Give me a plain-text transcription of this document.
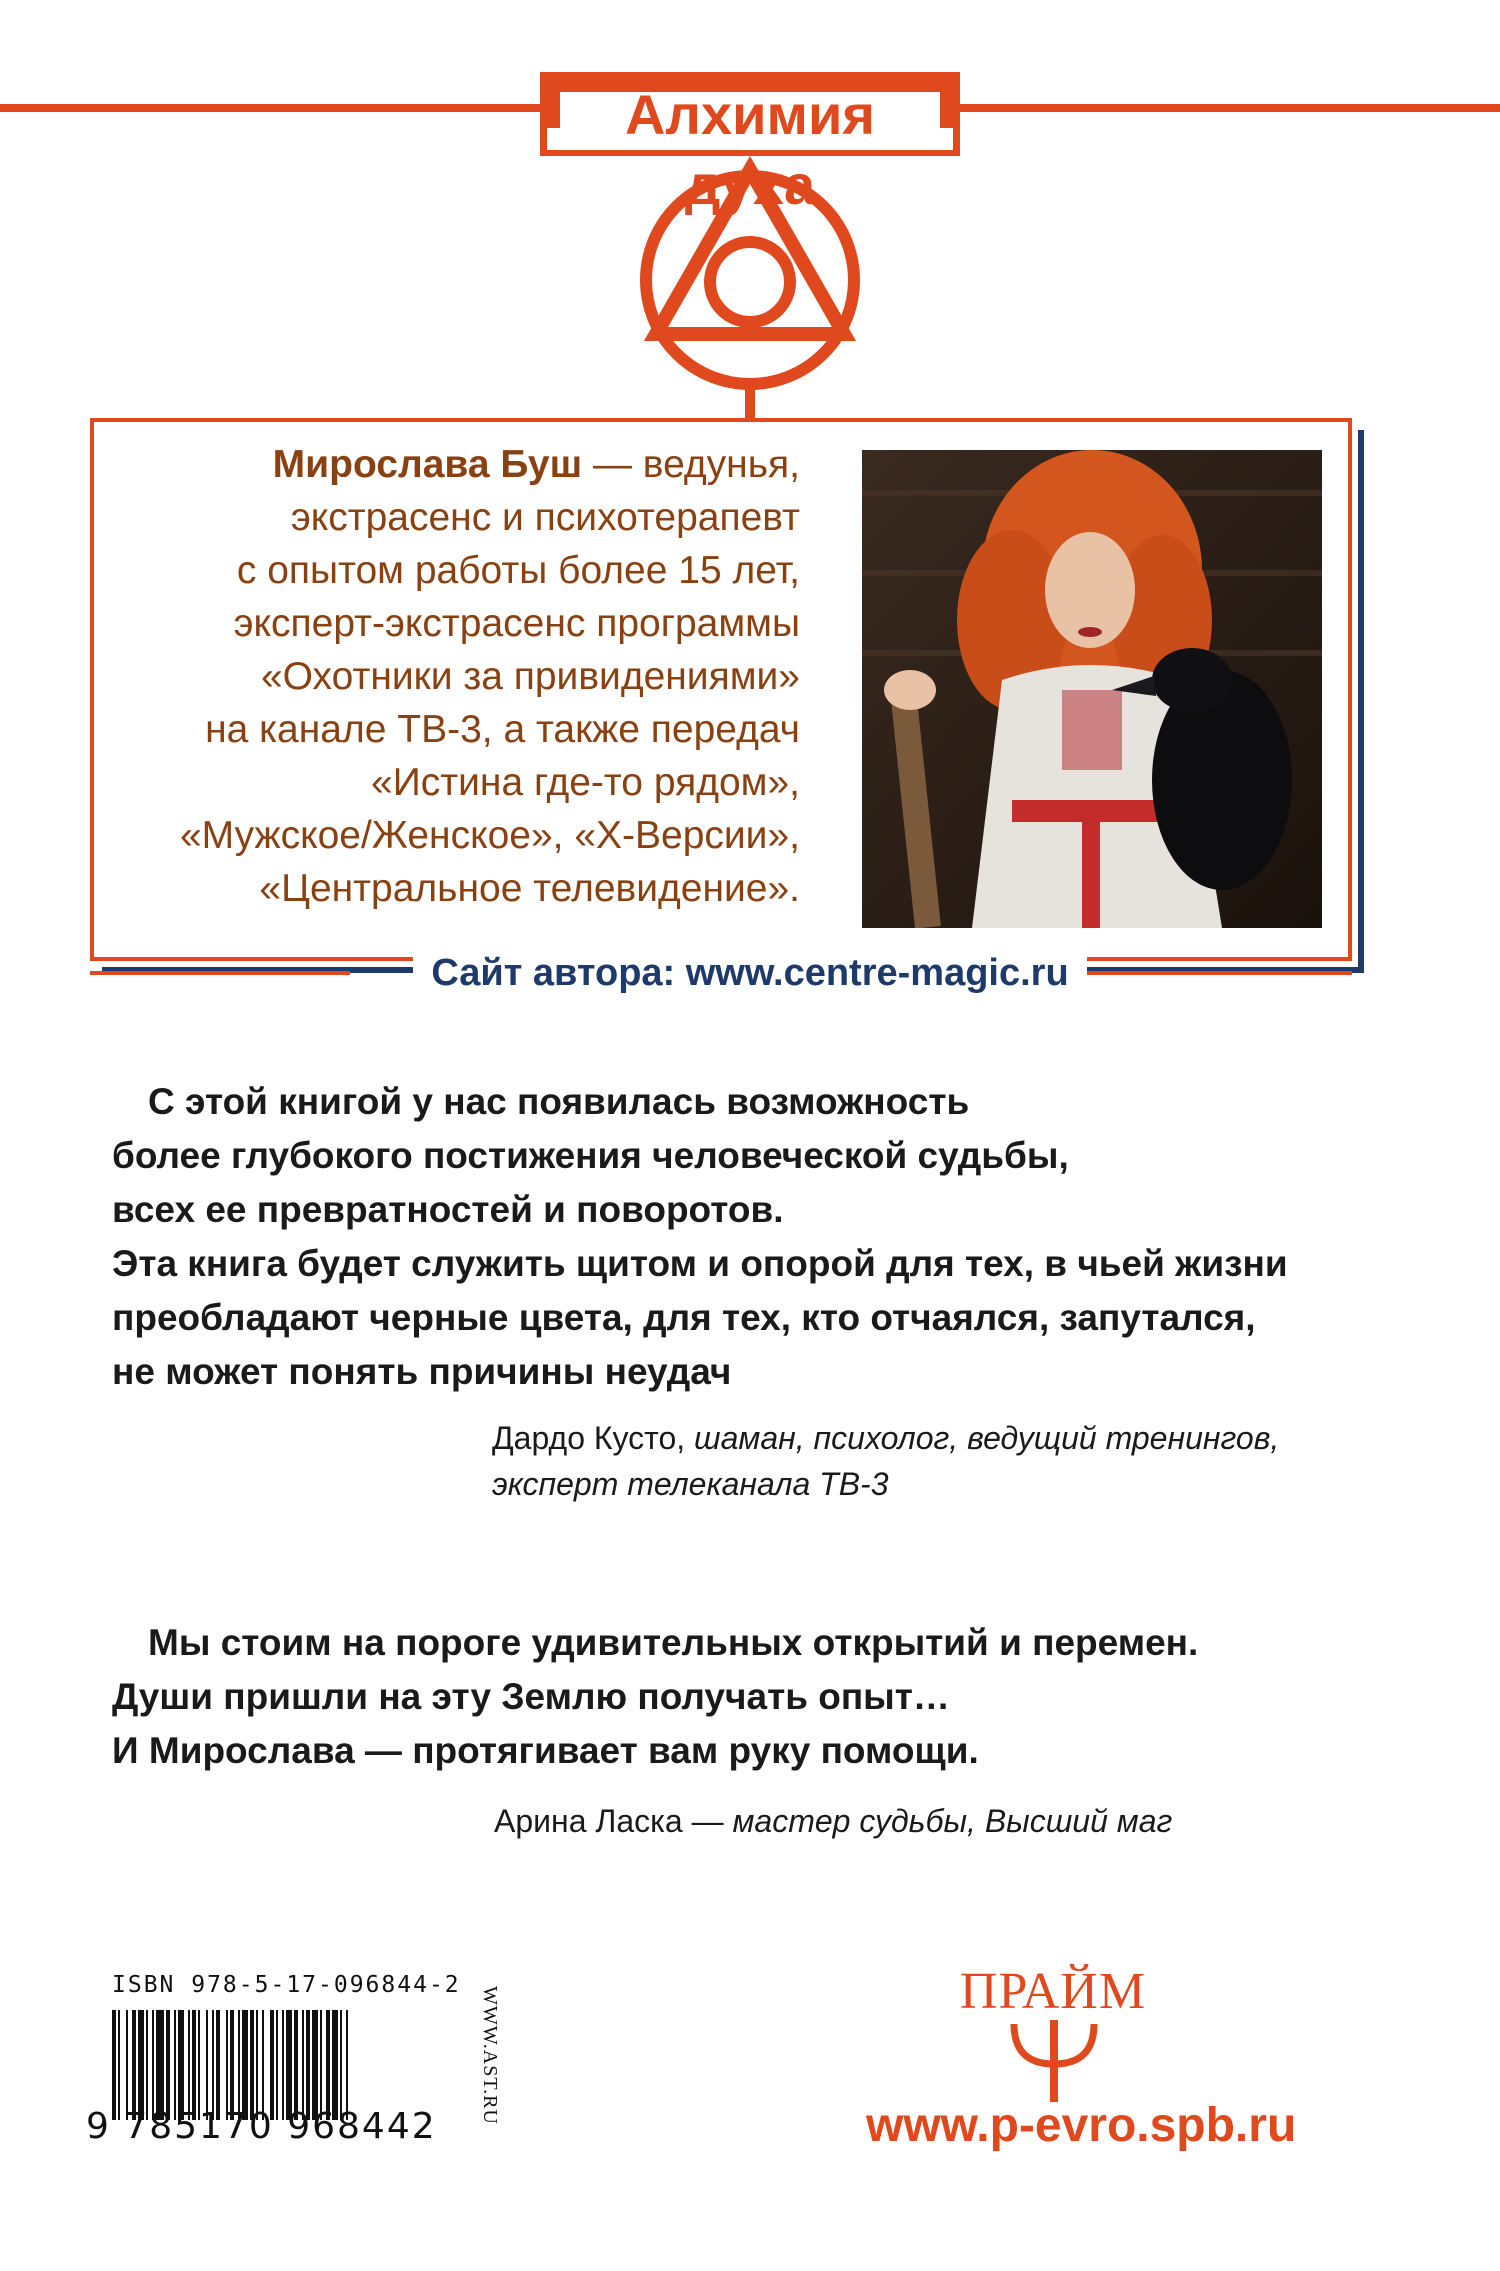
Алхимия духа
Мирослава Буш — ведунья,
экстрасенс и психотерапевт
с опытом работы более 15 лет,
эксперт-экстрасенс программы
«Охотники за привидениями»
на канале ТВ-3, а также передач
«Истина где-то рядом»,
«Мужское/Женское», «Х-Версии»,
«Центральное телевидение».
Сайт автора: www.centre-magic.ru
С этой книгой у нас появилась возможность
более глубокого постижения человеческой судьбы,
всех ее превратностей и поворотов.
Эта книга будет служить щитом и опорой для тех, в чьей жизни
преобладают черные цвета, для тех, кто отчаялся, запутался,
не может понять причины неудач
Дардо Кусто, шаман, психолог, ведущий тренингов,
эксперт телеканала ТВ-3
Мы стоим на пороге удивительных открытий и перемен.
Души пришли на эту Землю получать опыт…
И Мирослава — протягивает вам руку помощи.
Арина Ласка — мастер судьбы, Высший маг
ISBN 978-5-17-096844-2
9 785170 968442
WWW.AST.RU	ПРАЙМ
www.p-evro.spb.ru
